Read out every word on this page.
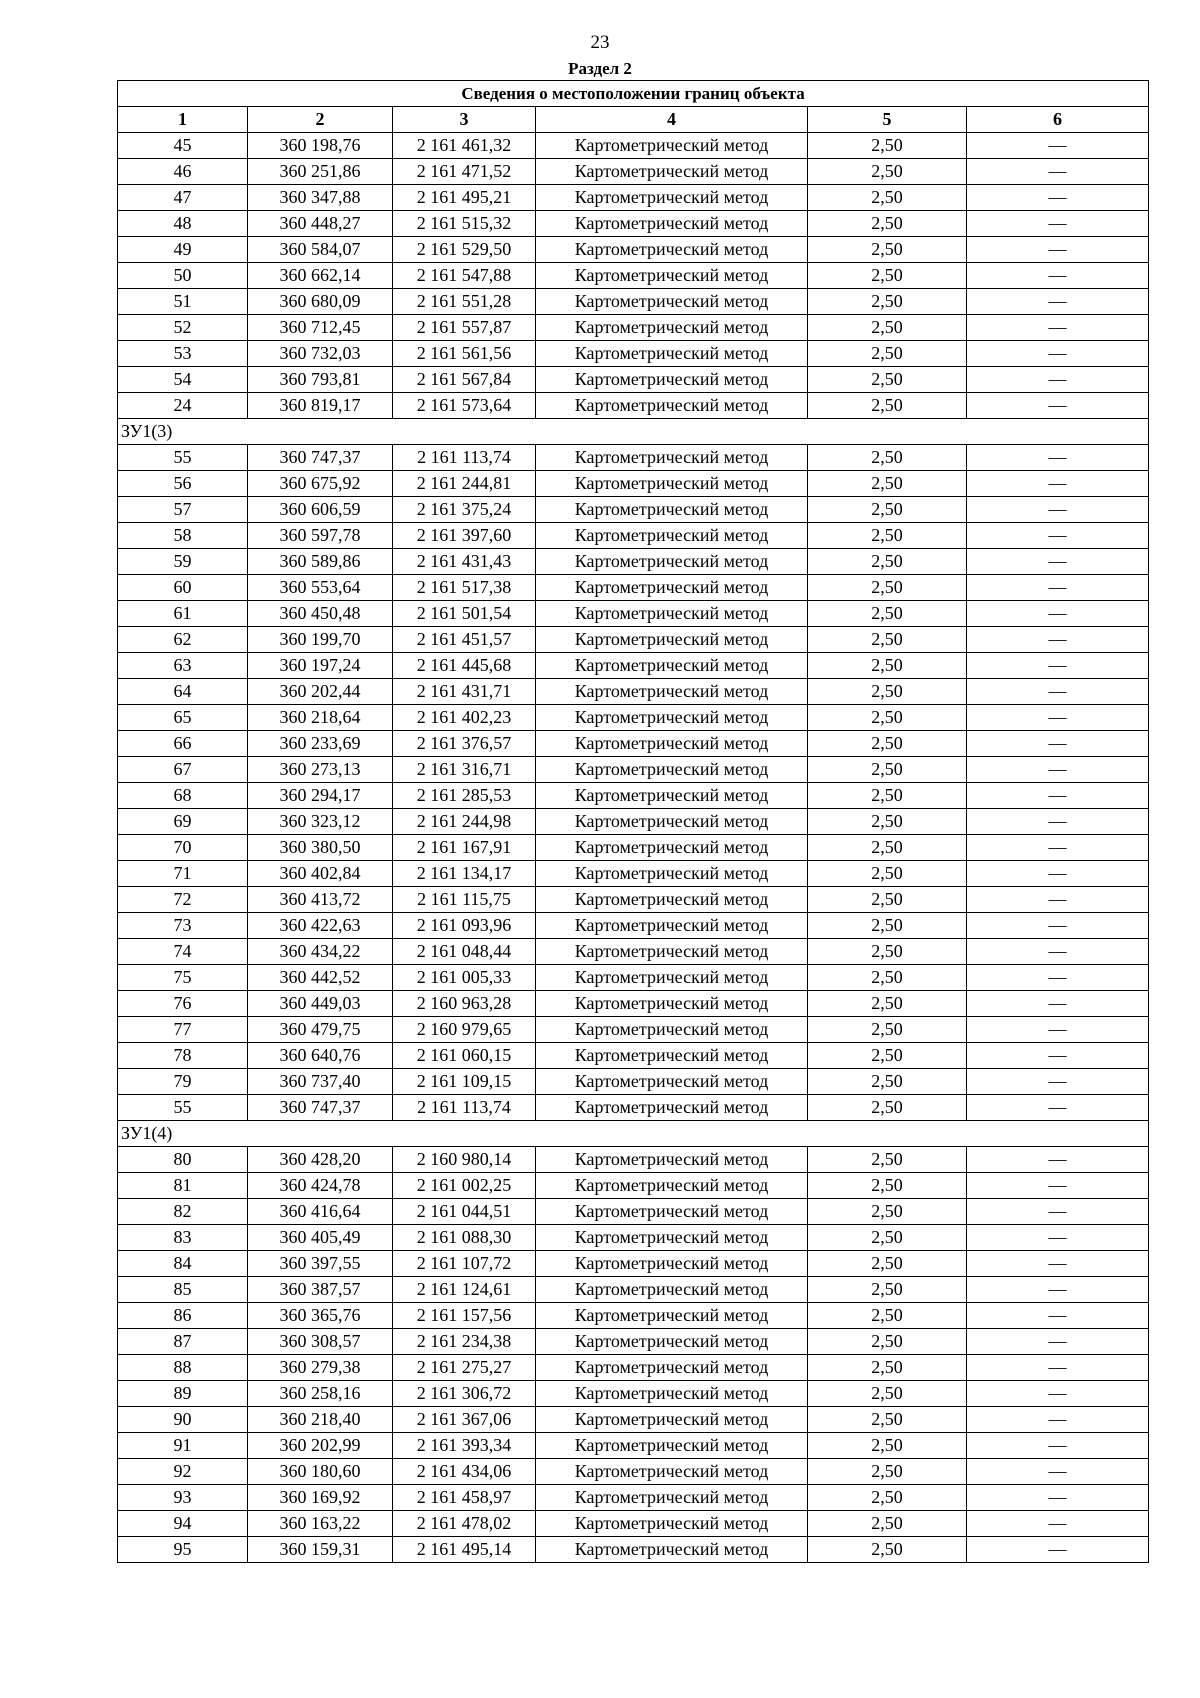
23
Раздел 2
Сведения о местоположении границ объекта					
1	2	3	4	5	6
45	360 198,76	2 161 461,32	Картометрический метод	2,50	—
46	360 251,86	2 161 471,52	Картометрический метод	2,50	—
47	360 347,88	2 161 495,21	Картометрический метод	2,50	—
48	360 448,27	2 161 515,32	Картометрический метод	2,50	—
49	360 584,07	2 161 529,50	Картометрический метод	2,50	—
50	360 662,14	2 161 547,88	Картометрический метод	2,50	—
51	360 680,09	2 161 551,28	Картометрический метод	2,50	—
52	360 712,45	2 161 557,87	Картометрический метод	2,50	—
53	360 732,03	2 161 561,56	Картометрический метод	2,50	—
54	360 793,81	2 161 567,84	Картометрический метод	2,50	—
24	360 819,17	2 161 573,64	Картометрический метод	2,50	—
ЗУ1(3)					
55	360 747,37	2 161 113,74	Картометрический метод	2,50	—
56	360 675,92	2 161 244,81	Картометрический метод	2,50	—
57	360 606,59	2 161 375,24	Картометрический метод	2,50	—
58	360 597,78	2 161 397,60	Картометрический метод	2,50	—
59	360 589,86	2 161 431,43	Картометрический метод	2,50	—
60	360 553,64	2 161 517,38	Картометрический метод	2,50	—
61	360 450,48	2 161 501,54	Картометрический метод	2,50	—
62	360 199,70	2 161 451,57	Картометрический метод	2,50	—
63	360 197,24	2 161 445,68	Картометрический метод	2,50	—
64	360 202,44	2 161 431,71	Картометрический метод	2,50	—
65	360 218,64	2 161 402,23	Картометрический метод	2,50	—
66	360 233,69	2 161 376,57	Картометрический метод	2,50	—
67	360 273,13	2 161 316,71	Картометрический метод	2,50	—
68	360 294,17	2 161 285,53	Картометрический метод	2,50	—
69	360 323,12	2 161 244,98	Картометрический метод	2,50	—
70	360 380,50	2 161 167,91	Картометрический метод	2,50	—
71	360 402,84	2 161 134,17	Картометрический метод	2,50	—
72	360 413,72	2 161 115,75	Картометрический метод	2,50	—
73	360 422,63	2 161 093,96	Картометрический метод	2,50	—
74	360 434,22	2 161 048,44	Картометрический метод	2,50	—
75	360 442,52	2 161 005,33	Картометрический метод	2,50	—
76	360 449,03	2 160 963,28	Картометрический метод	2,50	—
77	360 479,75	2 160 979,65	Картометрический метод	2,50	—
78	360 640,76	2 161 060,15	Картометрический метод	2,50	—
79	360 737,40	2 161 109,15	Картометрический метод	2,50	—
55	360 747,37	2 161 113,74	Картометрический метод	2,50	—
ЗУ1(4)					
80	360 428,20	2 160 980,14	Картометрический метод	2,50	—
81	360 424,78	2 161 002,25	Картометрический метод	2,50	—
82	360 416,64	2 161 044,51	Картометрический метод	2,50	—
83	360 405,49	2 161 088,30	Картометрический метод	2,50	—
84	360 397,55	2 161 107,72	Картометрический метод	2,50	—
85	360 387,57	2 161 124,61	Картометрический метод	2,50	—
86	360 365,76	2 161 157,56	Картометрический метод	2,50	—
87	360 308,57	2 161 234,38	Картометрический метод	2,50	—
88	360 279,38	2 161 275,27	Картометрический метод	2,50	—
89	360 258,16	2 161 306,72	Картометрический метод	2,50	—
90	360 218,40	2 161 367,06	Картометрический метод	2,50	—
91	360 202,99	2 161 393,34	Картометрический метод	2,50	—
92	360 180,60	2 161 434,06	Картометрический метод	2,50	—
93	360 169,92	2 161 458,97	Картометрический метод	2,50	—
94	360 163,22	2 161 478,02	Картометрический метод	2,50	—
95	360 159,31	2 161 495,14	Картометрический метод	2,50	—
